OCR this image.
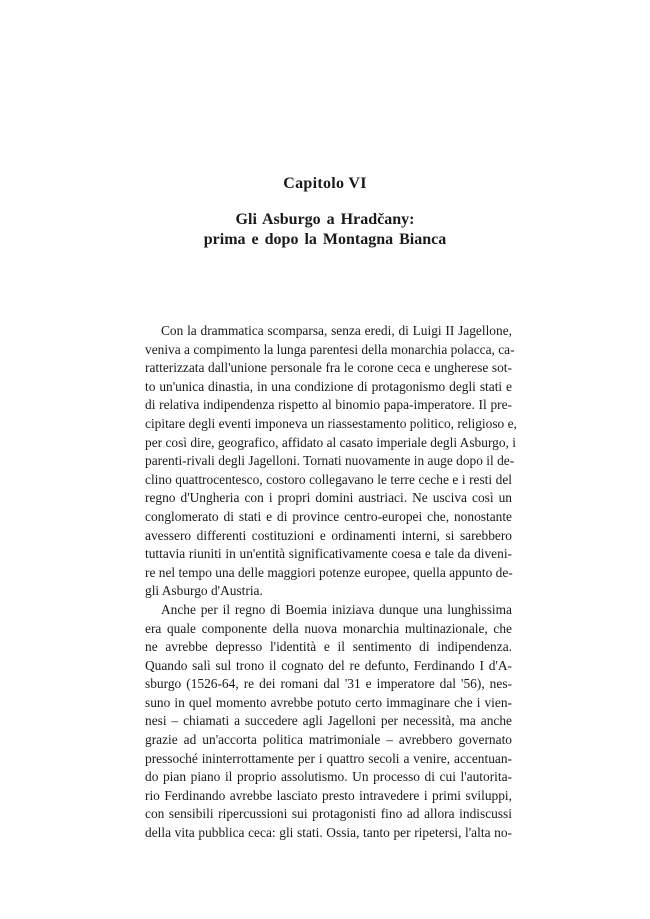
Capitolo VI
Gli Asburgo a Hradčany:
prima e dopo la Montagna Bianca
Con la drammatica scomparsa, senza eredi, di Luigi II Jagellone,
veniva a compimento la lunga parentesi della monarchia polacca, ca-
ratterizzata dall'unione personale fra le corone ceca e ungherese sot-
to un'unica dinastia, in una condizione di protagonismo degli stati e
di relativa indipendenza rispetto al binomio papa-imperatore. Il pre-
cipitare degli eventi imponeva un riassestamento politico, religioso e,
per così dire, geografico, affidato al casato imperiale degli Asburgo, i
parenti-rivali degli Jagelloni. Tornati nuovamente in auge dopo il de-
clino quattrocentesco, costoro collegavano le terre ceche e i resti del
regno d'Ungheria con i propri domini austriaci. Ne usciva così un
conglomerato di stati e di province centro-europei che, nonostante
avessero differenti costituzioni e ordinamenti interni, si sarebbero
tuttavia riuniti in un'entità significativamente coesa e tale da diveni-
re nel tempo una delle maggiori potenze europee, quella appunto de-
gli Asburgo d'Austria.
Anche per il regno di Boemia iniziava dunque una lunghissima
era quale componente della nuova monarchia multinazionale, che
ne avrebbe depresso l'identità e il sentimento di indipendenza.
Quando salì sul trono il cognato del re defunto, Ferdinando I d'A-
sburgo (1526-64, re dei romani dal '31 e imperatore dal '56), nes-
suno in quel momento avrebbe potuto certo immaginare che i vien-
nesi – chiamati a succedere agli Jagelloni per necessità, ma anche
grazie ad un'accorta politica matrimoniale – avrebbero governato
pressoché ininterrottamente per i quattro secoli a venire, accentuan-
do pian piano il proprio assolutismo. Un processo di cui l'autorita-
rio Ferdinando avrebbe lasciato presto intravedere i primi sviluppi,
con sensibili ripercussioni sui protagonisti fino ad allora indiscussi
della vita pubblica ceca: gli stati. Ossia, tanto per ripetersi, l'alta no-
